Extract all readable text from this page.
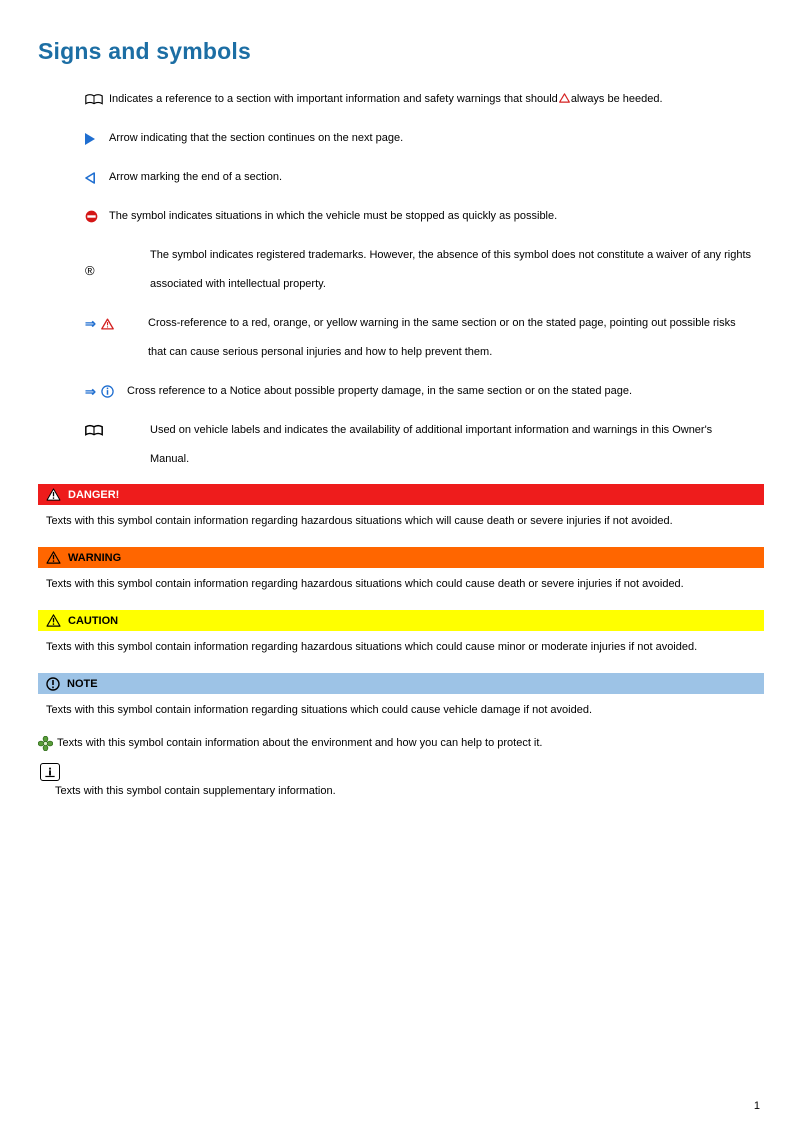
Signs and symbols
Indicates a reference to a section with important information and safety warnings that should always be heeded.
Arrow indicating that the section continues on the next page.
Arrow marking the end of a section.
The symbol indicates situations in which the vehicle must be stopped as quickly as possible.
®
The symbol indicates registered trademarks. However, the absence of this symbol does not constitute a waiver of any rights associated with intellectual property.
⇒	Cross-reference to a red, orange, or yellow warning in the same section or on the stated page, pointing out possible risks that can cause serious personal injuries and how to help prevent them.
⇒	Cross reference to a Notice about possible property damage, in the same section or on the stated page.
Used on vehicle labels and indicates the availability of additional important information and warnings in this Owner's Manual.
DANGER!
Texts with this symbol contain information regarding hazardous situations which will cause death or severe injuries if not avoided.
WARNING
Texts with this symbol contain information regarding hazardous situations which could cause death or severe injuries if not avoided.
CAUTION
Texts with this symbol contain information regarding hazardous situations which could cause minor or moderate injuries if not avoided.
NOTE
Texts with this symbol contain information regarding situations which could cause vehicle damage if not avoided.
Texts with this symbol contain information about the environment and how you can help to protect it.
Texts with this symbol contain supplementary information.
1
